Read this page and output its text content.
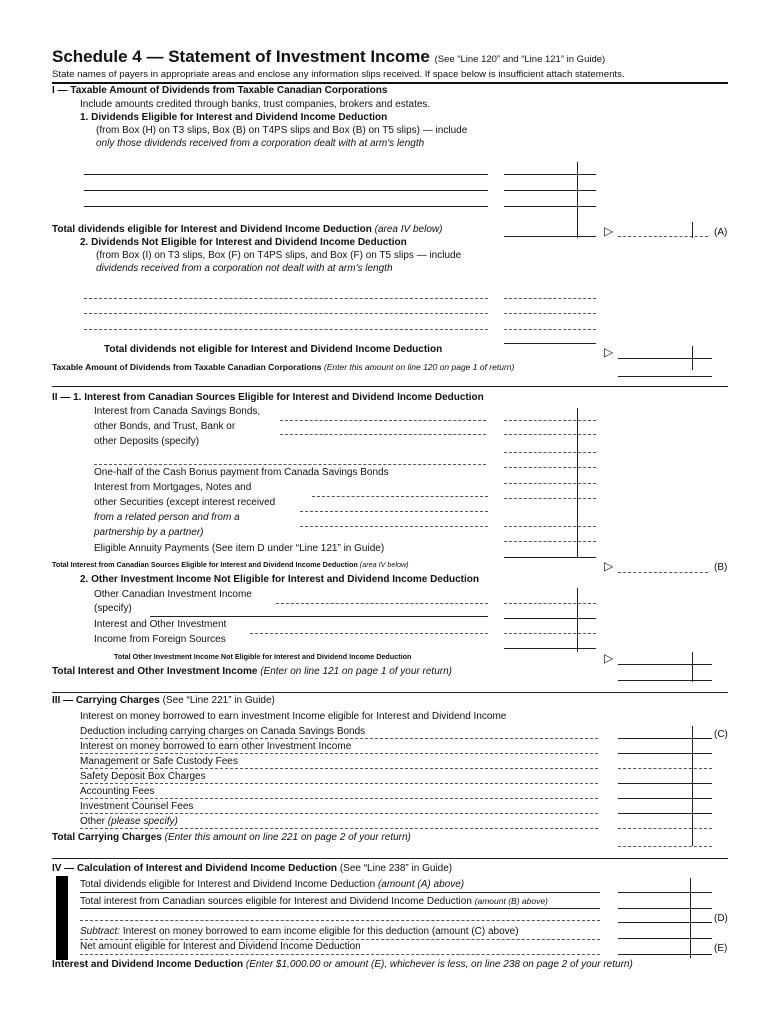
Schedule 4 — Statement of Investment Income (See “Line 120” and “Line 121” in Guide)
State names of payers in appropriate areas and enclose any information slips received. If space below is insufficient attach statements.
I — Taxable Amount of Dividends from Taxable Canadian Corporations
Include amounts credited through banks, trust companies, brokers and estates.
1. Dividends Eligible for Interest and Dividend Income Deduction
(from Box (H) on T3 slips, Box (B) on T4PS slips and Box (B) on T5 slips) — include
only those dividends received from a corporation dealt with at arm's length
Total dividends eligible for Interest and Dividend Income Deduction (area IV below)	▷	(A)
2. Dividends Not Eligible for Interest and Dividend Income Deduction
(from Box (I) on T3 slips, Box (F) on T4PS slips, and Box (F) on T5 slips — include
dividends received from a corporation not dealt with at arm's length
Total dividends not eligible for Interest and Dividend Income Deduction	▷
Taxable Amount of Dividends from Taxable Canadian Corporations (Enter this amount on line 120 on page 1 of return)
II — 1. Interest from Canadian Sources Eligible for Interest and Dividend Income Deduction
Interest from Canada Savings Bonds,
other Bonds, and Trust, Bank or
other Deposits (specify)
One-half of the Cash Bonus payment from Canada Savings Bonds
Interest from Mortgages, Notes and
other Securities (except interest received
from a related person and from a
partnership by a partner)
Eligible Annuity Payments (See item D under “Line 121” in Guide)
Total Interest from Canadian Sources Eligible for Interest and Dividend Income Deduction (area IV below)	▷	(B)
2. Other Investment Income Not Eligible for Interest and Dividend Income Deduction
Other Canadian Investment Income
(specify)
Interest and Other Investment
Income from Foreign Sources
Total Other Investment Income Not Eligible for Interest and Dividend Income Deduction	▷
Total Interest and Other Investment Income (Enter on line 121 on page 1 of your return)
III — Carrying Charges (See “Line 221” in Guide)
Interest on money borrowed to earn investment Income eligible for Interest and Dividend Income
Deduction including carrying charges on Canada Savings Bonds
Interest on money borrowed to earn other Investment Income
Management or Safe Custody Fees
Safety Deposit Box Charges
Accounting Fees
Investment Counsel Fees
Other (please specify)
(C)
Total Carrying Charges (Enter this amount on line 221 on page 2 of your return)
IV — Calculation of Interest and Dividend Income Deduction (See “Line 238” in Guide)
Total dividends eligible for Interest and Dividend Income Deduction (amount (A) above)
Total interest from Canadian sources eligible for Interest and Dividend Income Deduction (amount (B) above)
(D)
Subtract: Interest on money borrowed to earn income eligible for this deduction (amount (C) above)
Net amount eligible for Interest and Dividend Income Deduction	(E)
Interest and Dividend Income Deduction (Enter $1,000.00 or amount (E), whichever is less, on line 238 on page 2 of your return)
